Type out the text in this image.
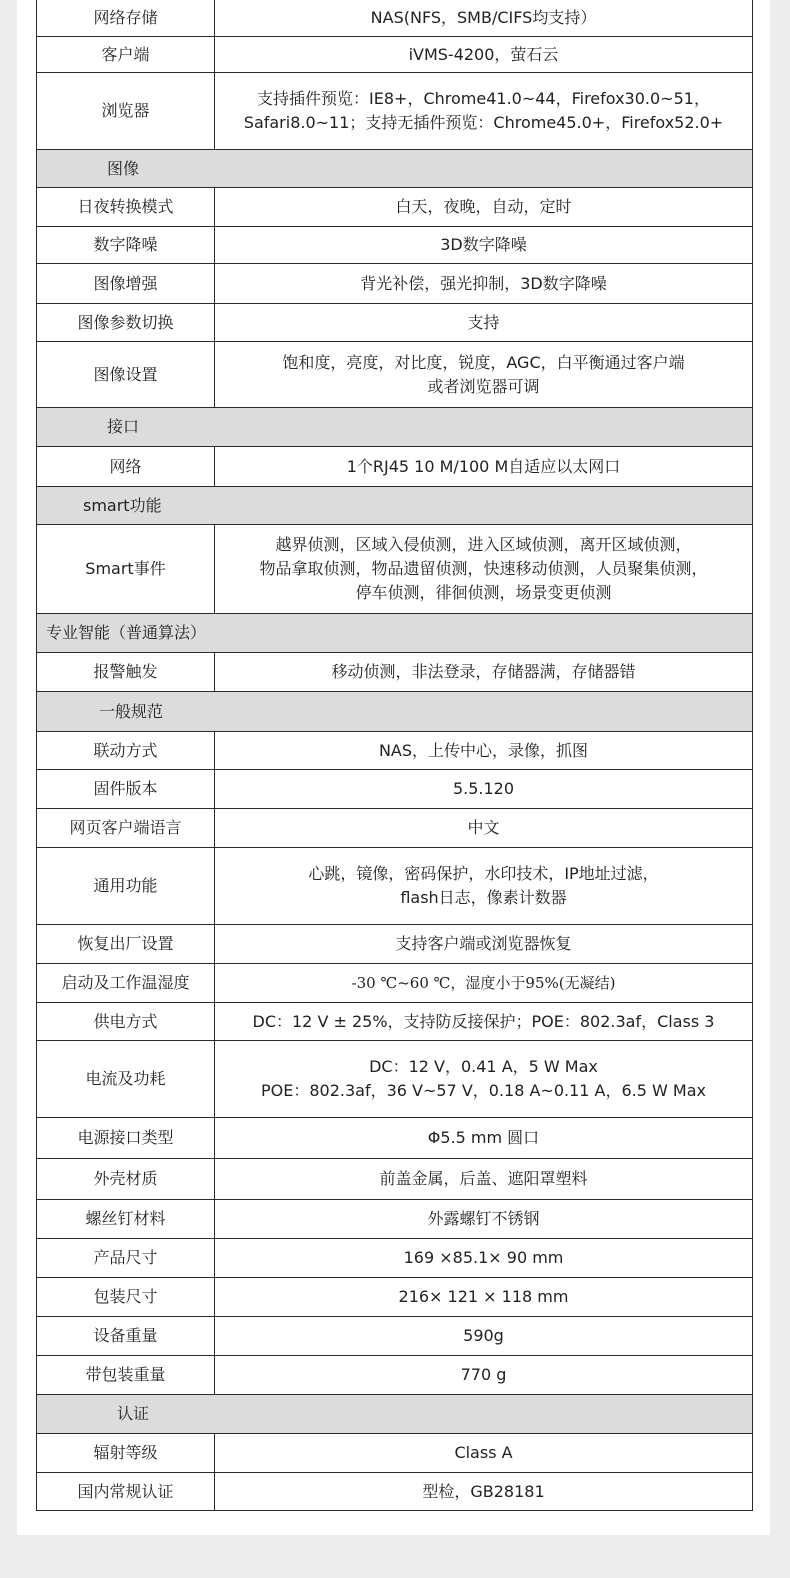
网络存储	NAS(NFS，SMB/CIFS均支持）

客户端	iVMS-4200，萤石云

浏览器	支持插件预览：IE8+，Chrome41.0~44，Firefox30.0~51，
Safari8.0~11；支持无插件预览：Chrome45.0+，Firefox52.0+

图像	
日夜转换模式	白天，夜晚，自动，定时

数字降噪	3D数字降噪

图像增强	背光补偿，强光抑制，3D数字降噪

图像参数切换	支持

图像设置	饱和度，亮度，对比度，锐度，AGC，白平衡通过客户端
或者浏览器可调

接口	
网络	1个RJ45 10 M/100 M自适应以太网口

smart功能	
Smart事件	越界侦测，区域入侵侦测，进入区域侦测，离开区域侦测，
物品拿取侦测，物品遗留侦测，快速移动侦测，人员聚集侦测，
停车侦测，徘徊侦测，场景变更侦测

专业智能（普通算法）	
报警触发	移动侦测，非法登录，存储器满，存储器错

一般规范	
联动方式	NAS，上传中心，录像，抓图

固件版本	5.5.120

网页客户端语言	中文

通用功能	心跳，镜像，密码保护，水印技术，IP地址过滤，
flash日志，像素计数器

恢复出厂设置	支持客户端或浏览器恢复

启动及工作温湿度	-30 ℃~60 ℃，湿度小于95%(无凝结)

供电方式	DC：12 V ± 25%，支持防反接保护；POE：802.3af，Class 3

电流及功耗	DC：12 V，0.41 A，5 W Max
POE：802.3af，36 V~57 V，0.18 A~0.11 A，6.5 W Max

电源接口类型	Φ5.5 mm 圆口

外壳材质	前盖金属，后盖、遮阳罩塑料

螺丝钉材料	外露螺钉不锈钢

产品尺寸	169 ×85.1× 90 mm

包装尺寸	216× 121 × 118 mm

设备重量	590g

带包装重量	770 g

认证	
辐射等级	Class A

国内常规认证	型检，GB28181
